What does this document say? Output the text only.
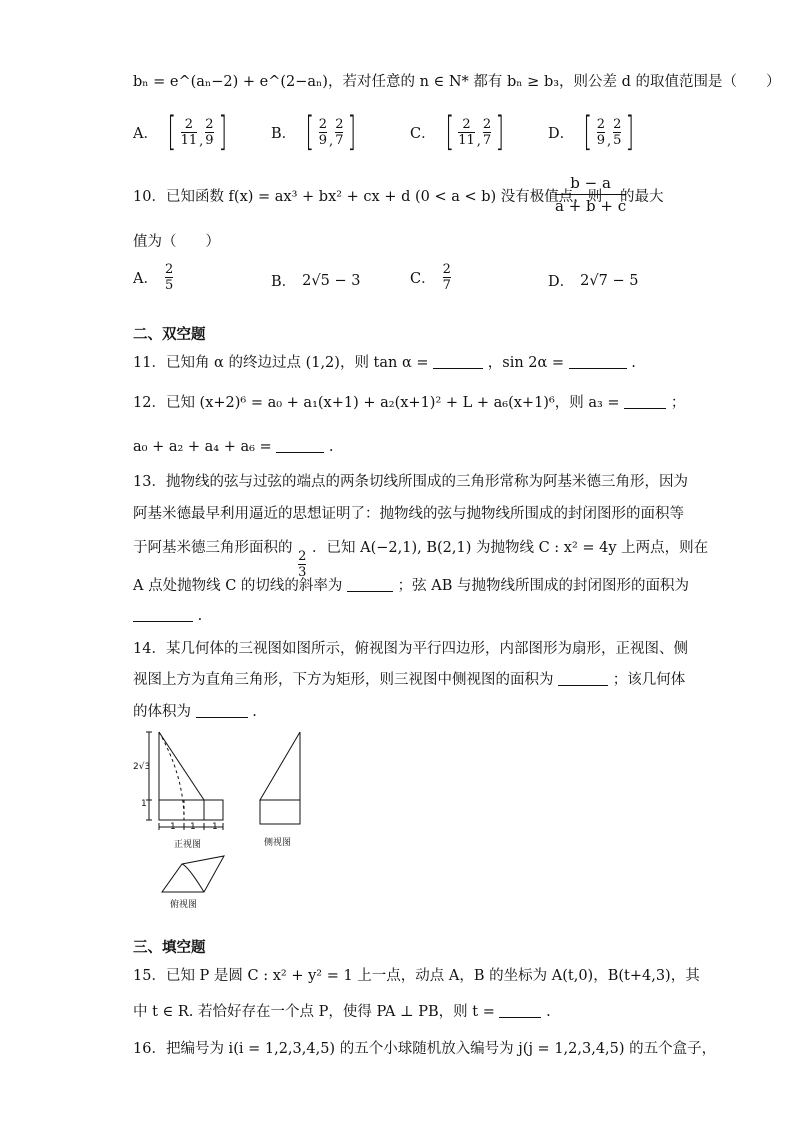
bₙ = e^(aₙ−2) + e^(2−aₙ)，若对任意的 n ∈ N* 都有 bₙ ≥ b₃，则公差 d 的取值范围是（　　）
A． [ $\frac{2}{11}$ , $\frac{2}{9}$ ]	B． [ $\frac{2}{9}$ , $\frac{2}{7}$ ]	C． [ $\frac{2}{11}$ , $\frac{2}{7}$ ]	D． [ $\frac{2}{9}$ , $\frac{2}{5}$ ]
10．已知函数 f(x) = ax³ + bx² + cx + d (0 < a < b) 没有极值点，则
b − a
a + b + c
的最大
值为（　　）
A． $\frac{2}{5}$	B． 2√5 − 3	C． $\frac{2}{7}$	D． 2√7 − 5
二、双空题
11．已知角 α 的终边过点 (1,2)，则 tan α =	，sin 2α =	.
12．已知 (x+2)⁶ = a₀ + a₁(x+1) + a₂(x+1)² + L + a₆(x+1)⁶，则 a₃ =	；
a₀ + a₂ + a₄ + a₆ =	.
13．抛物线的弦与过弦的端点的两条切线所围成的三角形常称为阿基米德三角形，因为
阿基米德最早利用逼近的思想证明了：抛物线的弦与抛物线所围成的封闭图形的面积等
于阿基米德三角形面积的
$\frac{2}{3}$
．已知 A(−2,1), B(2,1) 为抛物线 C : x² = 4y 上两点，则在
A 点处抛物线 C 的切线的斜率为	；弦 AB 与抛物线所围成的封闭图形的面积为
.
14．某几何体的三视图如图所示，俯视图为平行四边形，内部图形为扇形，正视图、侧
视图上方为直角三角形，下方为矩形，则三视图中侧视图的面积为	；该几何体
的体积为	.
2√3
1
1 1 1
正视图	侧视图
俯视图
三、填空题
15．已知 P 是圆 C : x² + y² = 1 上一点，动点 A，B 的坐标为 A(t,0)，B(t+4,3)，其
中 t ∈ R. 若恰好存在一个点 P，使得 PA ⊥ PB，则 t =	.
16．把编号为 i(i = 1,2,3,4,5) 的五个小球随机放入编号为 j(j = 1,2,3,4,5) 的五个盒子，
